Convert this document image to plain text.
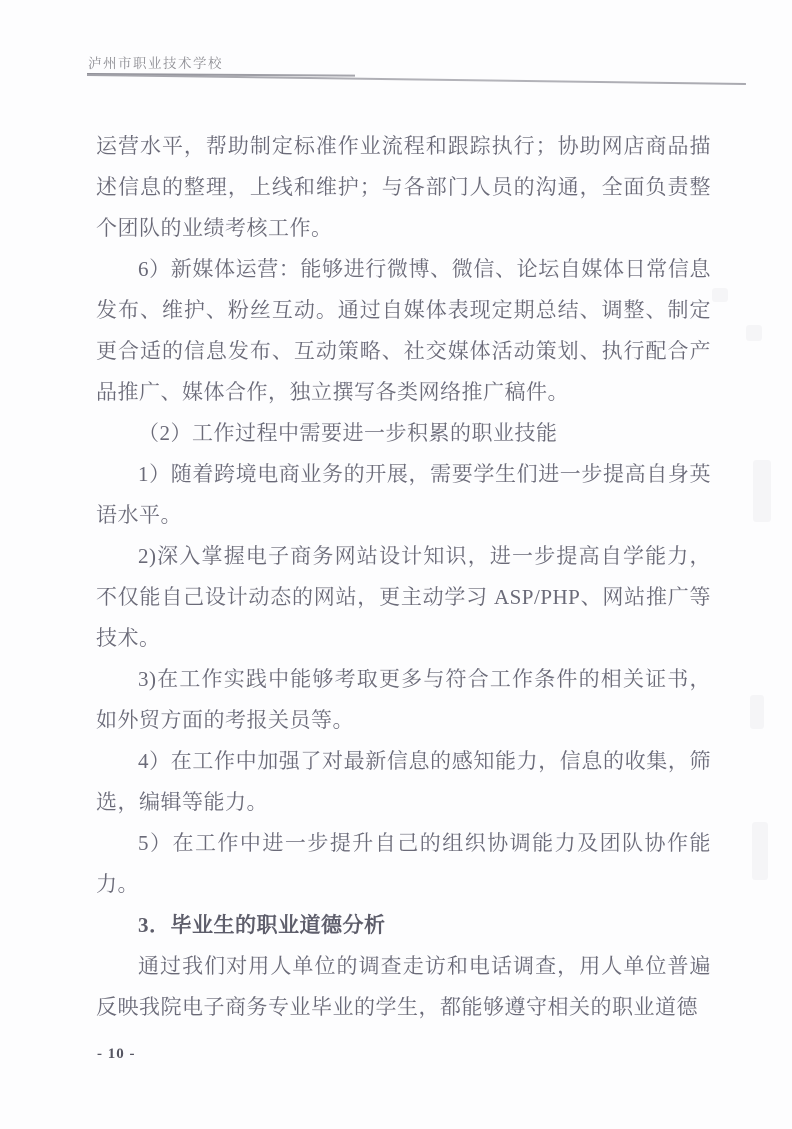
泸州市职业技术学校

运营水平，帮助制定标准作业流程和跟踪执行；协助网店商品描述信息的整理，上线和维护；与各部门人员的沟通，全面负责整个团队的业绩考核工作。

6）新媒体运营：能够进行微博、微信、论坛自媒体日常信息发布、维护、粉丝互动。通过自媒体表现定期总结、调整、制定更合适的信息发布、互动策略、社交媒体活动策划、执行配合产品推广、媒体合作，独立撰写各类网络推广稿件。

（2）工作过程中需要进一步积累的职业技能

1）随着跨境电商业务的开展，需要学生们进一步提高自身英语水平。

2)深入掌握电子商务网站设计知识，进一步提高自学能力，不仅能自己设计动态的网站，更主动学习 ASP/PHP、网站推广等技术。

3)在工作实践中能够考取更多与符合工作条件的相关证书，如外贸方面的考报关员等。

4）在工作中加强了对最新信息的感知能力，信息的收集，筛选，编辑等能力。

5）在工作中进一步提升自己的组织协调能力及团队协作能力。

3．毕业生的职业道德分析

通过我们对用人单位的调查走访和电话调查，用人单位普遍反映我院电子商务专业毕业的学生，都能够遵守相关的职业道德

- 10 -
